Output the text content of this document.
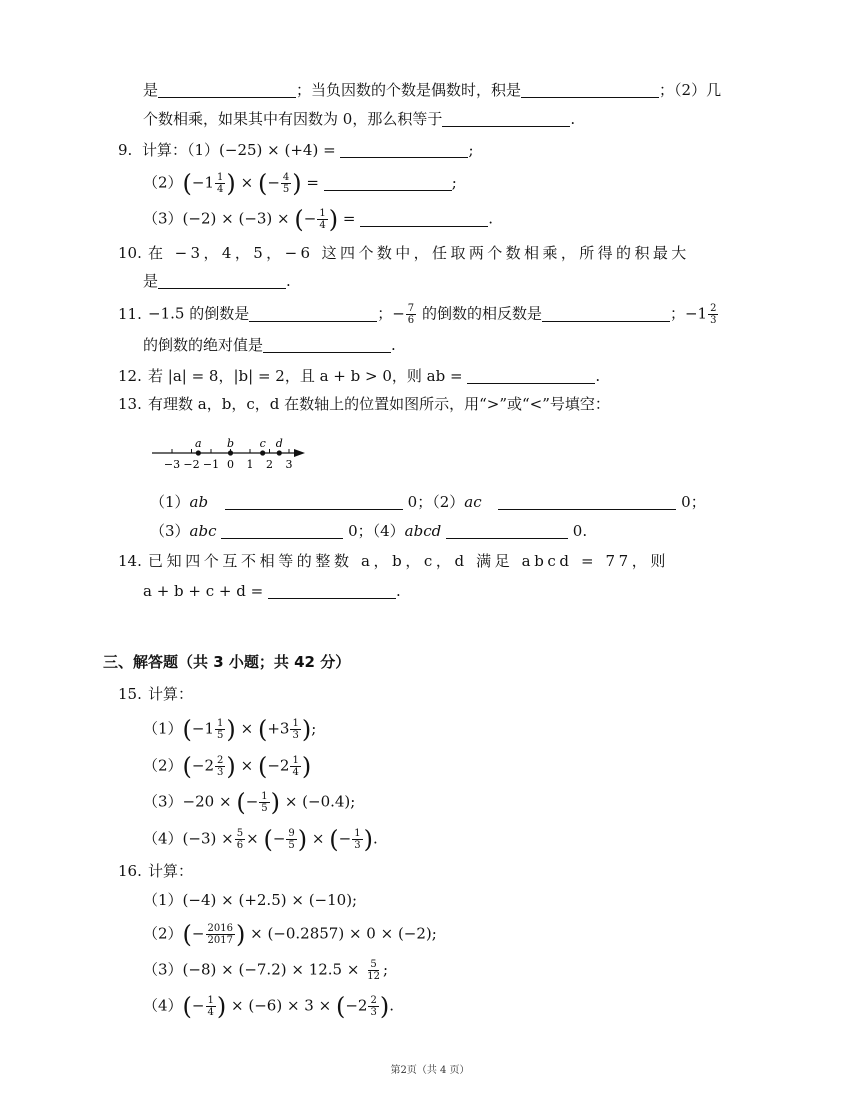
是	；当负因数的个数是偶数时，积是	；（2）几
个数相乘，如果其中有因数为 0，那么积等于	.
9. 计算：（1）(−25) × (+4) =	;
$(2)(-1 \frac{1}{4}$ ) × (− $\frac{4}{5}$ ) =	;
（3）(−2) × (−3) × (− $\frac{1}{4}$ ) =	.
10. 在 −3，4，5，−6 这四个数中，任取两个数相乘，所得的积最大
是	.
11. −1.5 的倒数是	；− $\frac{7}{6}$ 的倒数的相反数是	；$-1 \frac{2}{3}$
的倒数的绝对值是	.
12. 若 |a| = 8，|b| = 2，且 a + b > 0，则 ab =	.
13. 有理数 a，b，c，d 在数轴上的位置如图所示，用“>”或“<”号填空：
−3 −2 −1 0 1 2 3
a b c d
（1）ab	0；（2）ac	0；
（3）abc	0；（4）abcd	0.
14. 已知四个互不相等的整数 a，b，c，d 满足 abcd = 77，则
a + b + c + d =	.
三、解答题（共 3 小题；共 42 分）
15. 计算：
$(1)(-1 \frac{1}{5}$ ) × ($+3 \frac{1}{3}$ );
$(2)(-2 \frac{2}{3}$ ) × ($-2 \frac{1}{4}$ )
（3）−20 × (− $\frac{1}{5}$ ) × (−0.4);
$(4)(-3) \times \frac{5}{6}$ × (− $\frac{9}{5}$ ) × (− $\frac{1}{3}$ ).
16. 计算：
（1）(−4) × (+2.5) × (−10);
$(2)(- \frac{2016}{2017}$ ) × (−0.2857) × 0 × (−2);
$(3)(-8) \times (-7.2) \times 12.5 \times \frac{5}{12}$ ;
$(4)(- \frac{1}{4}$ ) × $(-6) \times 3 \times (-2 \frac{2}{3}$ ).
第2页（共 4 页）
